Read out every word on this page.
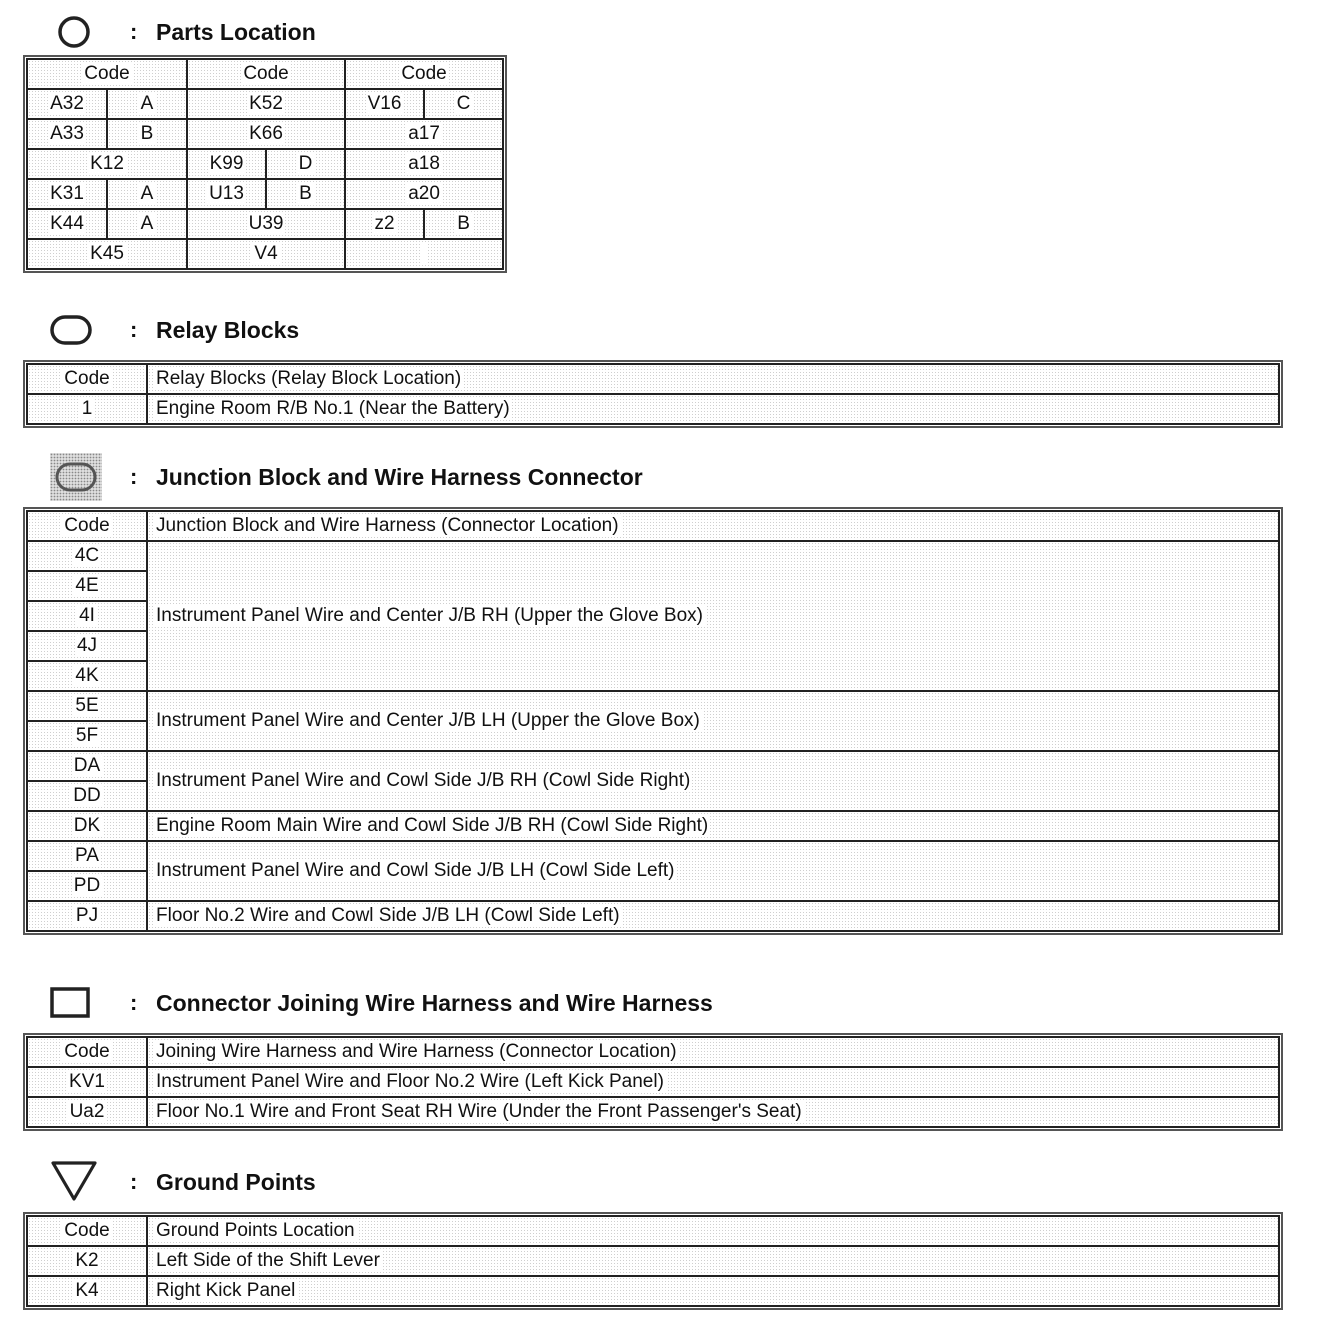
: Parts Location
Code		Code		Code	
A32	A	K52		V16	C
A33	B	K66		a17	
K12		K99	D	a18	
K31	A	U13	B	a20	
K44	A	U39		z2	B
K45		V4			
: Relay Blocks
Code	Relay Blocks (Relay Block Location)
1	Engine Room R/B No.1 (Near the Battery)
: Junction Block and Wire Harness Connector
Code	Junction Block and Wire Harness (Connector Location)
4C	Instrument Panel Wire and Center J/B RH (Upper the Glove Box)
4E	
4I	
4J	
4K	
5E	Instrument Panel Wire and Center J/B LH (Upper the Glove Box)
5F	
DA	Instrument Panel Wire and Cowl Side J/B RH (Cowl Side Right)
DD	
DK	Engine Room Main Wire and Cowl Side J/B RH (Cowl Side Right)
PA	Instrument Panel Wire and Cowl Side J/B LH (Cowl Side Left)
PD	
PJ	Floor No.2 Wire and Cowl Side J/B LH (Cowl Side Left)
: Connector Joining Wire Harness and Wire Harness
Code	Joining Wire Harness and Wire Harness (Connector Location)
KV1	Instrument Panel Wire and Floor No.2 Wire (Left Kick Panel)
Ua2	Floor No.1 Wire and Front Seat RH Wire (Under the Front Passenger's Seat)
: Ground Points
Code	Ground Points Location
K2	Left Side of the Shift Lever
K4	Right Kick Panel
